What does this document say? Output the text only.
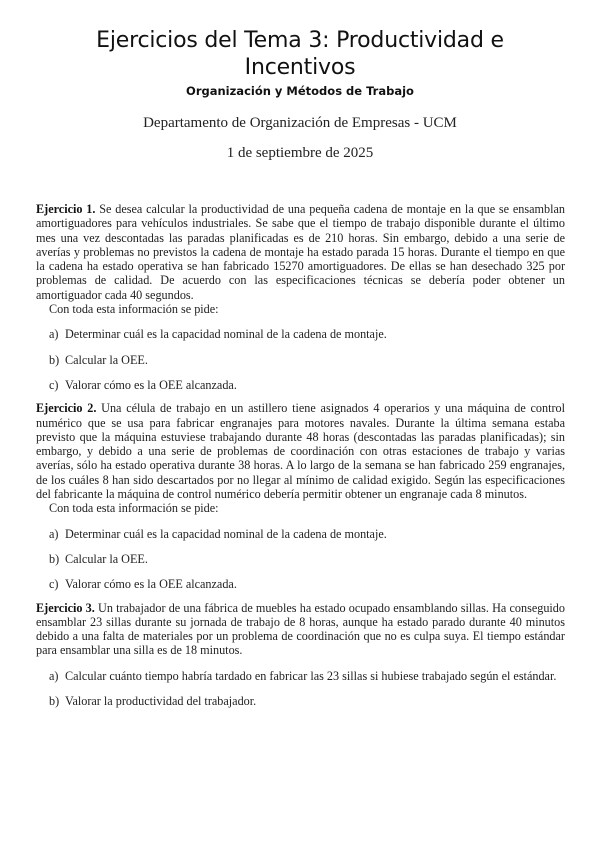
Ejercicios del Tema 3: Productividad e Incentivos
Organización y Métodos de Trabajo
Departamento de Organización de Empresas - UCM
1 de septiembre de 2025

Ejercicio 1. Se desea calcular la productividad de una pequeña cadena de montaje en la que se ensamblan amortiguadores para vehículos industriales. Se sabe que el tiempo de trabajo disponible durante el último mes una vez descontadas las paradas planificadas es de 210 horas. Sin embargo, debido a una serie de averías y problemas no previstos la cadena de montaje ha estado parada 15 horas. Durante el tiempo en que la cadena ha estado operativa se han fabricado 15270 amortiguadores. De ellas se han desechado 325 por problemas de calidad. De acuerdo con las especificaciones técnicas se debería poder obtener un amortiguador cada 40 segundos.

Con toda esta información se pide:

a) Determinar cuál es la capacidad nominal de la cadena de montaje.
b) Calcular la OEE.
c) Valorar cómo es la OEE alcanzada.

Ejercicio 2. Una célula de trabajo en un astillero tiene asignados 4 operarios y una máquina de control numérico que se usa para fabricar engranajes para motores navales. Durante la última semana estaba previsto que la máquina estuviese trabajando durante 48 horas (descontadas las paradas planificadas); sin embargo, y debido a una serie de problemas de coordinación con otras estaciones de trabajo y varias averías, sólo ha estado operativa durante 38 horas. A lo largo de la semana se han fabricado 259 engranajes, de los cuáles 8 han sido descartados por no llegar al mínimo de calidad exigido. Según las especificaciones del fabricante la máquina de control numérico debería permitir obtener un engranaje cada 8 minutos.

Con toda esta información se pide:

a) Determinar cuál es la capacidad nominal de la cadena de montaje.
b) Calcular la OEE.
c) Valorar cómo es la OEE alcanzada.

Ejercicio 3. Un trabajador de una fábrica de muebles ha estado ocupado ensamblando sillas. Ha conseguido ensamblar 23 sillas durante su jornada de trabajo de 8 horas, aunque ha estado parado durante 40 minutos debido a una falta de materiales por un problema de coordinación que no es culpa suya. El tiempo estándar para ensamblar una silla es de 18 minutos.

a) Calcular cuánto tiempo habría tardado en fabricar las 23 sillas si hubiese trabajado según el estándar.
b) Valorar la productividad del trabajador.
